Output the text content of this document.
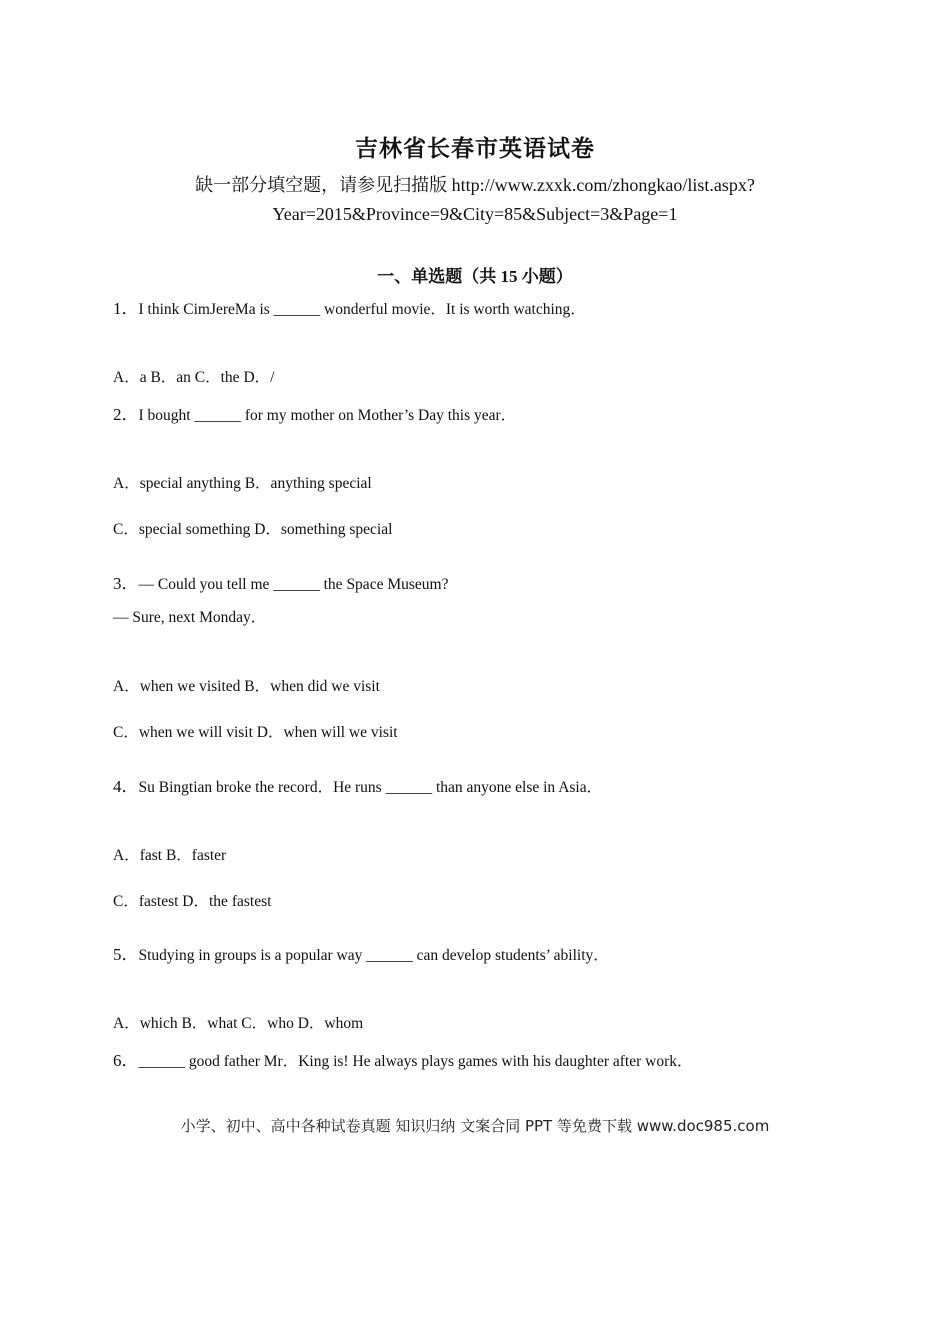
吉林省长春市英语试卷
缺一部分填空题，请参见扫描版 http://www.zxxk.com/zhongkao/list.aspx?
Year=2015&Province=9&City=85&Subject=3&Page=1
一、单选题（共 15 小题）
1．I think CimJereMa is ______ wonderful movie．It is worth watching．
A．a B．an C．the D．/
2．I bought ______ for my mother on Mother’s Day this year．
A．special anything B．anything special
C．special something D．something special
3．— Could you tell me ______ the Space Museum?
— Sure, next Monday．
A．when we visited B．when did we visit
C．when we will visit D．when will we visit
4．Su Bingtian broke the record．He runs ______ than anyone else in Asia．
A．fast B．faster
C．fastest D．the fastest
5．Studying in groups is a popular way ______ can develop students’ ability．
A．which B．what C．who D．whom
6．______ good father Mr．King is! He always plays games with his daughter after work．
小学、初中、高中各种试卷真题 知识归纳 文案合同 PPT 等免费下载 www.doc985.com
